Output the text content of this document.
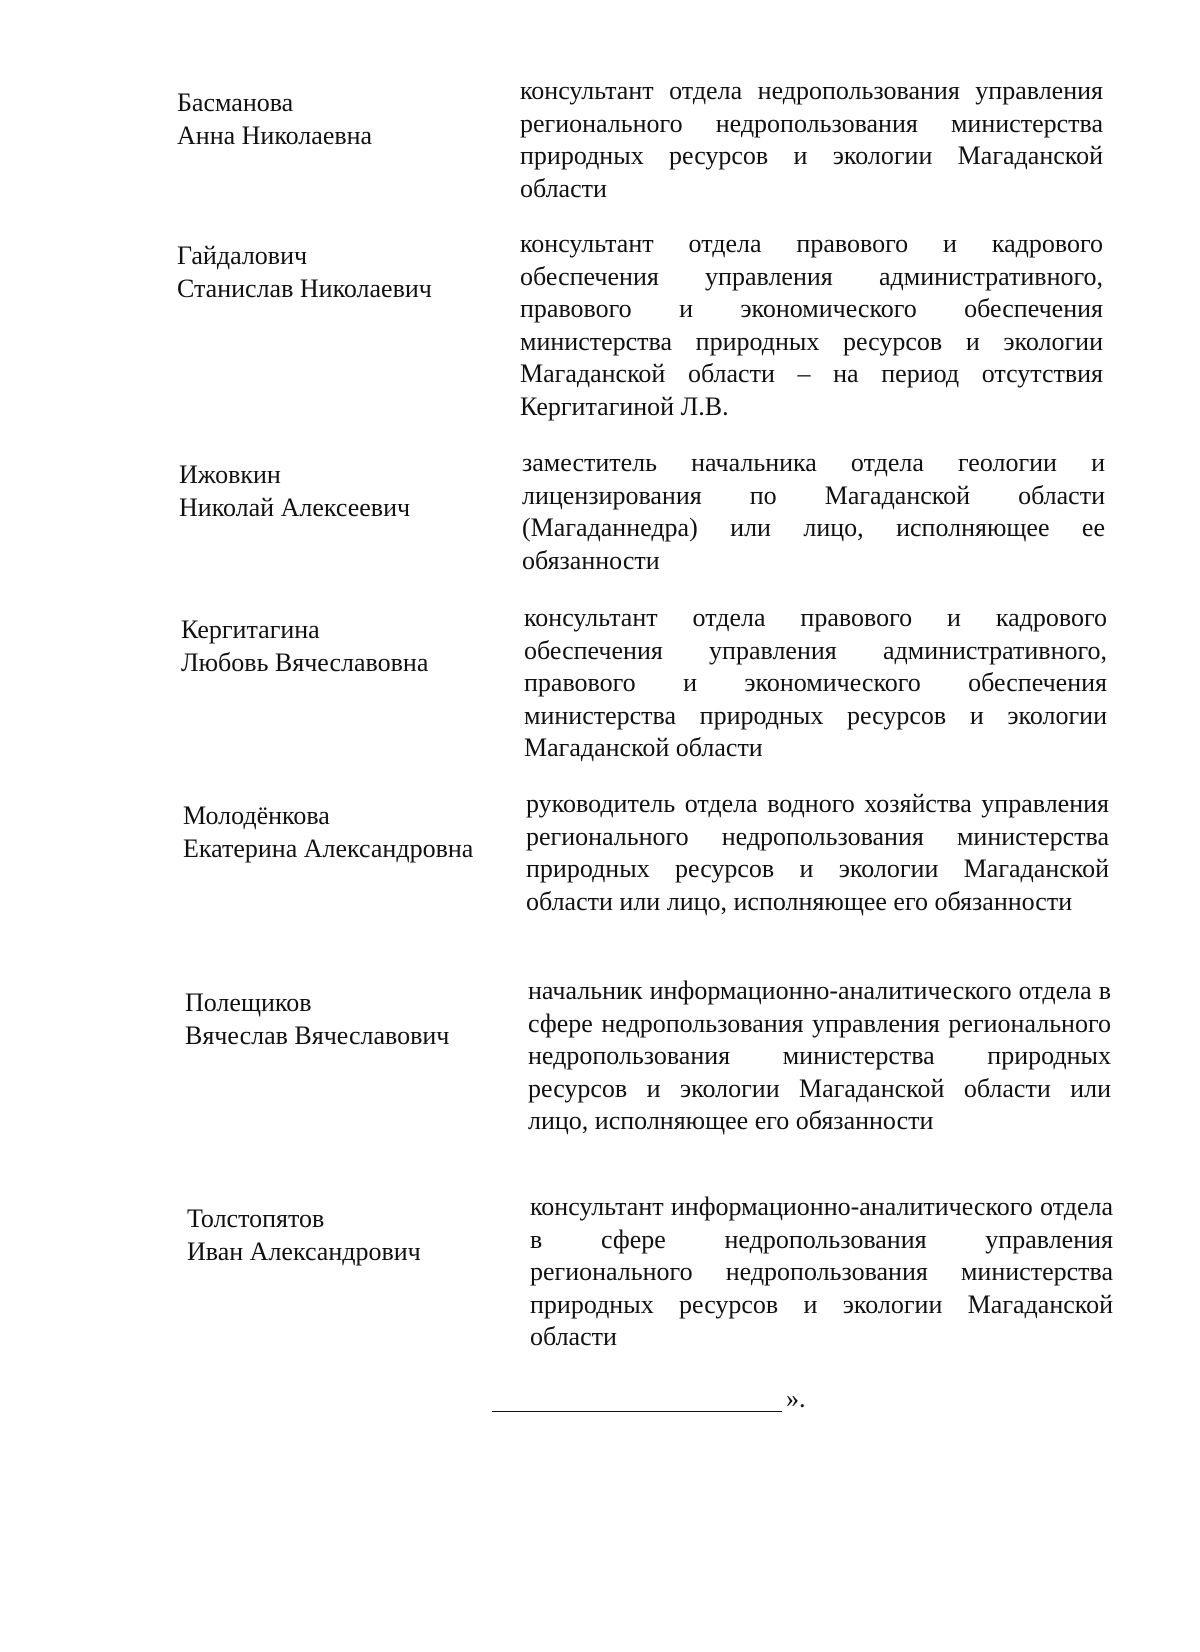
Басманова
Анна Николаевна
консультант отдела недропользования управления регионального недропользования министерства природных ресурсов и экологии Магаданской области
Гайдалович
Станислав Николаевич
консультант отдела правового и кадрового обеспечения управления административного, правового и экономического обеспечения министерства природных ресурсов и экологии Магаданской области – на период отсутствия Кергитагиной Л.В.
Ижовкин
Николай Алексеевич
заместитель начальника отдела геологии и лицензирования по Магаданской области (Магаданнедра) или лицо, исполняющее ее обязанности
Кергитагина
Любовь Вячеславовна
консультант отдела правового и кадрового обеспечения управления административного, правового и экономического обеспечения министерства природных ресурсов и экологии Магаданской области
Молодёнкова
Екатерина Александровна
руководитель отдела водного хозяйства управления регионального недропользования министерства природных ресурсов и экологии Магаданской области или лицо, исполняющее его обязанности
Полещиков
Вячеслав Вячеславович
начальник информационно-аналитического отдела в сфере недропользования управления регионального недропользования министерства природных ресурсов и экологии Магаданской области или лицо, исполняющее его обязанности
Толстопятов
Иван Александрович
консультант информационно-аналитического отдела в сфере недропользования управления регионального недропользования министерства природных ресурсов и экологии Магаданской области
».
